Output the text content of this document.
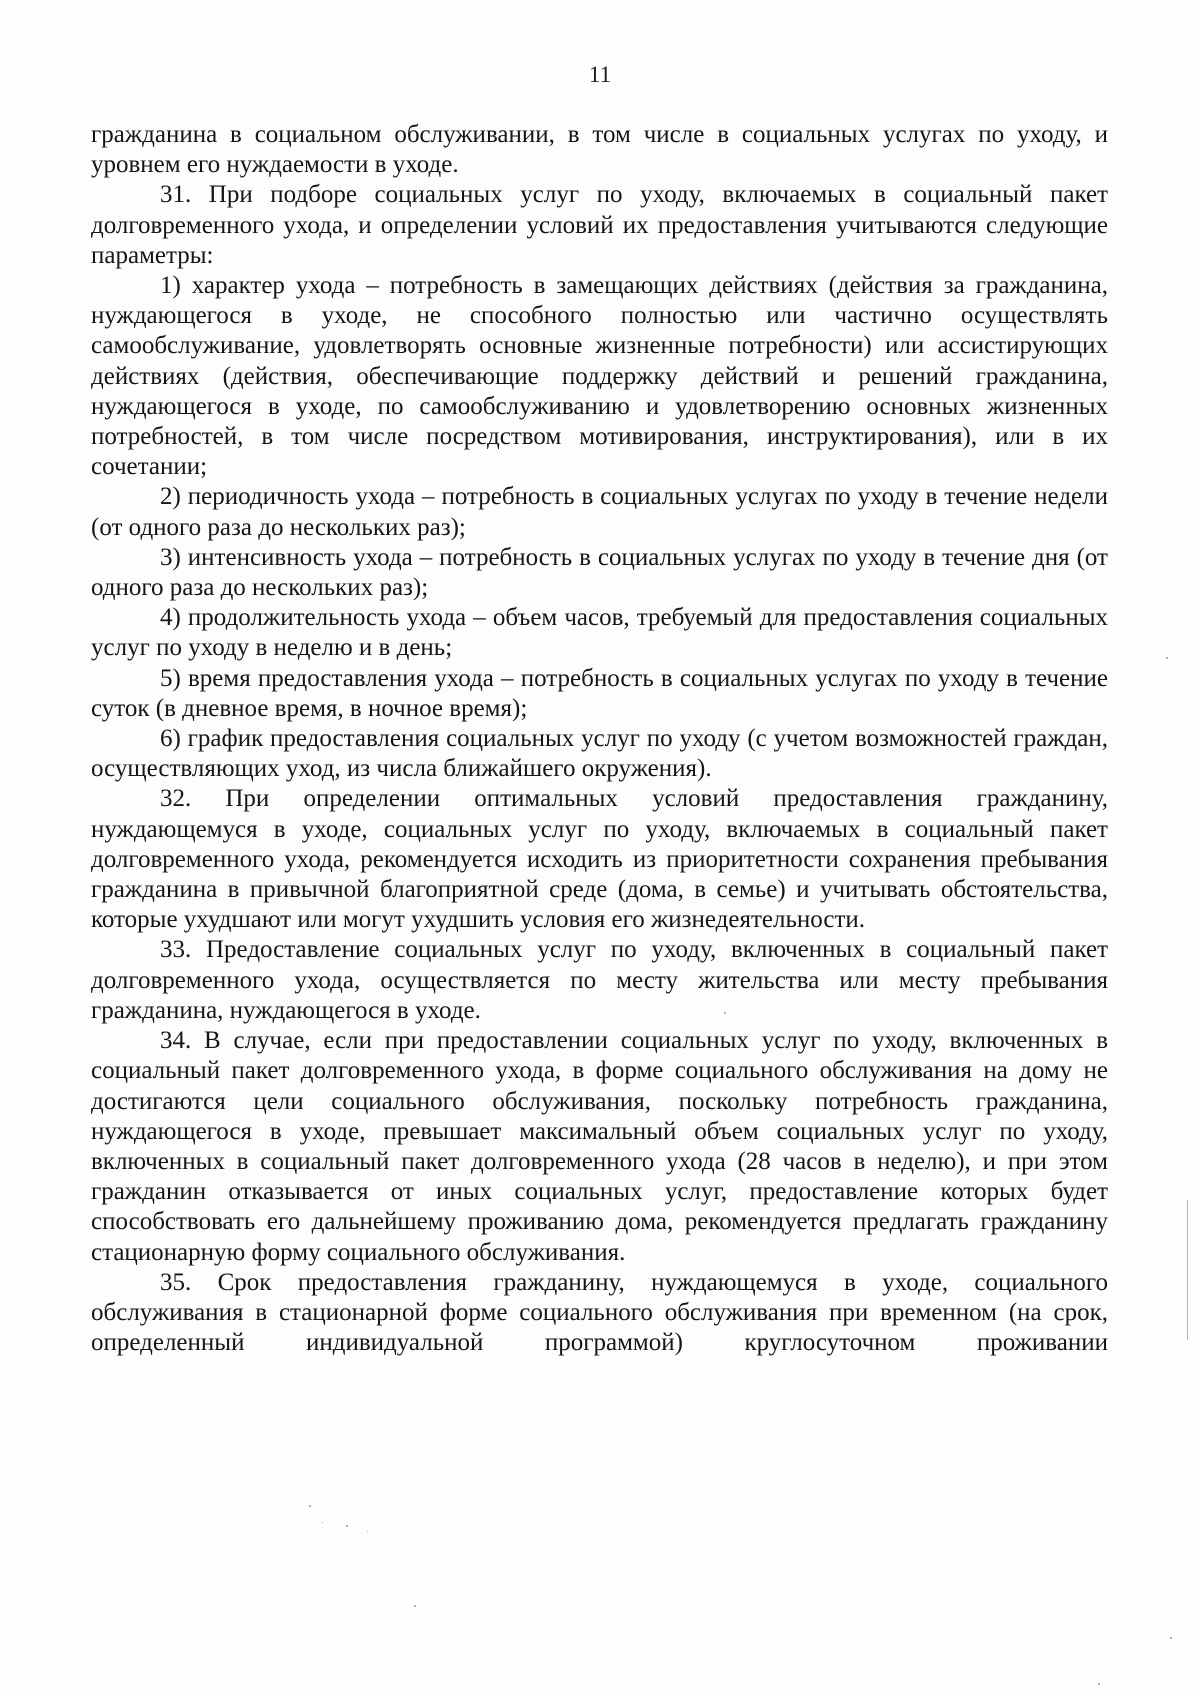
11

гражданина в социальном обслуживании, в том числе в социальных услугах по уходу, и уровнем его нуждаемости в уходе.

31. При подборе социальных услуг по уходу, включаемых в социальный пакет долговременного ухода, и определении условий их предоставления учитываются следующие параметры:

1) характер ухода – потребность в замещающих действиях (действия за гражданина, нуждающегося в уходе, не способного полностью или частично осуществлять самообслуживание, удовлетворять основные жизненные потребности) или ассистирующих действиях (действия, обеспечивающие поддержку действий и решений гражданина, нуждающегося в уходе, по самообслуживанию и удовлетворению основных жизненных потребностей, в том числе посредством мотивирования, инструктирования), или в их сочетании;

2) периодичность ухода – потребность в социальных услугах по уходу в течение недели (от одного раза до нескольких раз);

3) интенсивность ухода – потребность в социальных услугах по уходу в течение дня (от одного раза до нескольких раз);

4) продолжительность ухода – объем часов, требуемый для предоставления социальных услуг по уходу в неделю и в день;

5) время предоставления ухода – потребность в социальных услугах по уходу в течение суток (в дневное время, в ночное время);

6) график предоставления социальных услуг по уходу (с учетом возможностей граждан, осуществляющих уход, из числа ближайшего окружения).

32. При определении оптимальных условий предоставления гражданину, нуждающемуся в уходе, социальных услуг по уходу, включаемых в социальный пакет долговременного ухода, рекомендуется исходить из приоритетности сохранения пребывания гражданина в привычной благоприятной среде (дома, в семье) и учитывать обстоятельства, которые ухудшают или могут ухудшить условия его жизнедеятельности.

33. Предоставление социальных услуг по уходу, включенных в социальный пакет долговременного ухода, осуществляется по месту жительства или месту пребывания гражданина, нуждающегося в уходе.

34. В случае, если при предоставлении социальных услуг по уходу, включенных в социальный пакет долговременного ухода, в форме социального обслуживания на дому не достигаются цели социального обслуживания, поскольку потребность гражданина, нуждающегося в уходе, превышает максимальный объем социальных услуг по уходу, включенных в социальный пакет долговременного ухода (28 часов в неделю), и при этом гражданин отказывается от иных социальных услуг, предоставление которых будет способствовать его дальнейшему проживанию дома, рекомендуется предлагать гражданину стационарную форму социального обслуживания.

35. Срок предоставления гражданину, нуждающемуся в уходе, социального обслуживания в стационарной форме социального обслуживания при временном (на срок, определенный индивидуальной программой) круглосуточном проживании
